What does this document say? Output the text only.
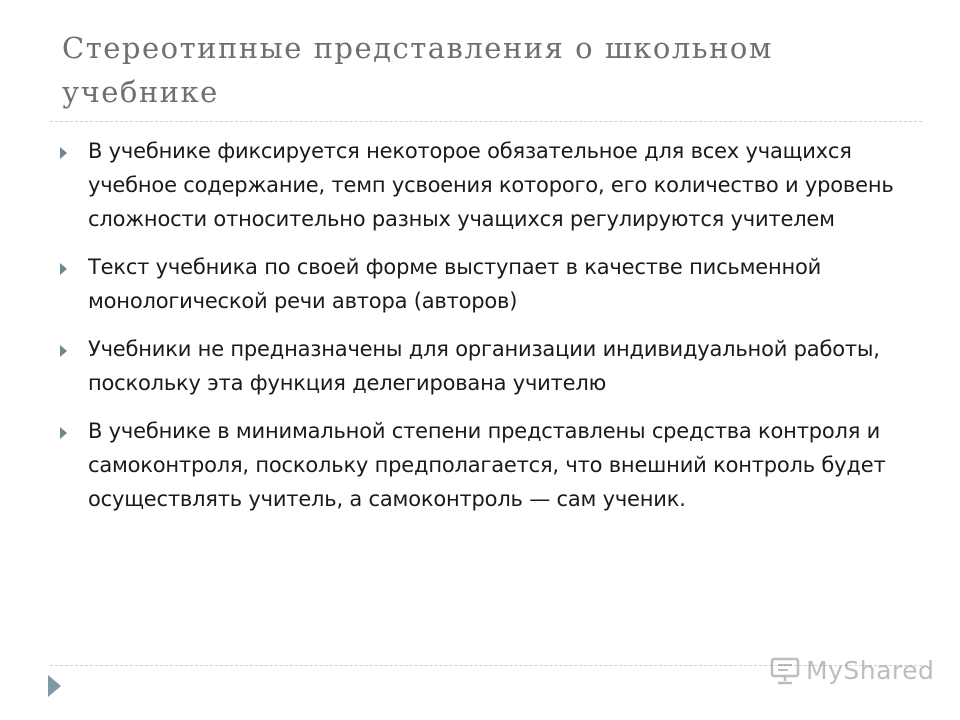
Стереотипные представления о школьном учебнике
В учебнике фиксируется некоторое обязательное для всех учащихся учебное содержание, темп усвоения которого, его количество и уровень сложности относительно разных учащихся регулируются учителем
Текст учебника по своей форме выступает в качестве письменной монологической речи автора (авторов)
Учебники не предназначены для организации индивидуальной работы, поскольку эта функция делегирована учителю
В учебнике в минимальной степени представлены средства контроля и самоконтроля, поскольку предполагается, что внешний контроль будет осуществлять учитель, а самоконтроль — сам ученик.
MyShared
